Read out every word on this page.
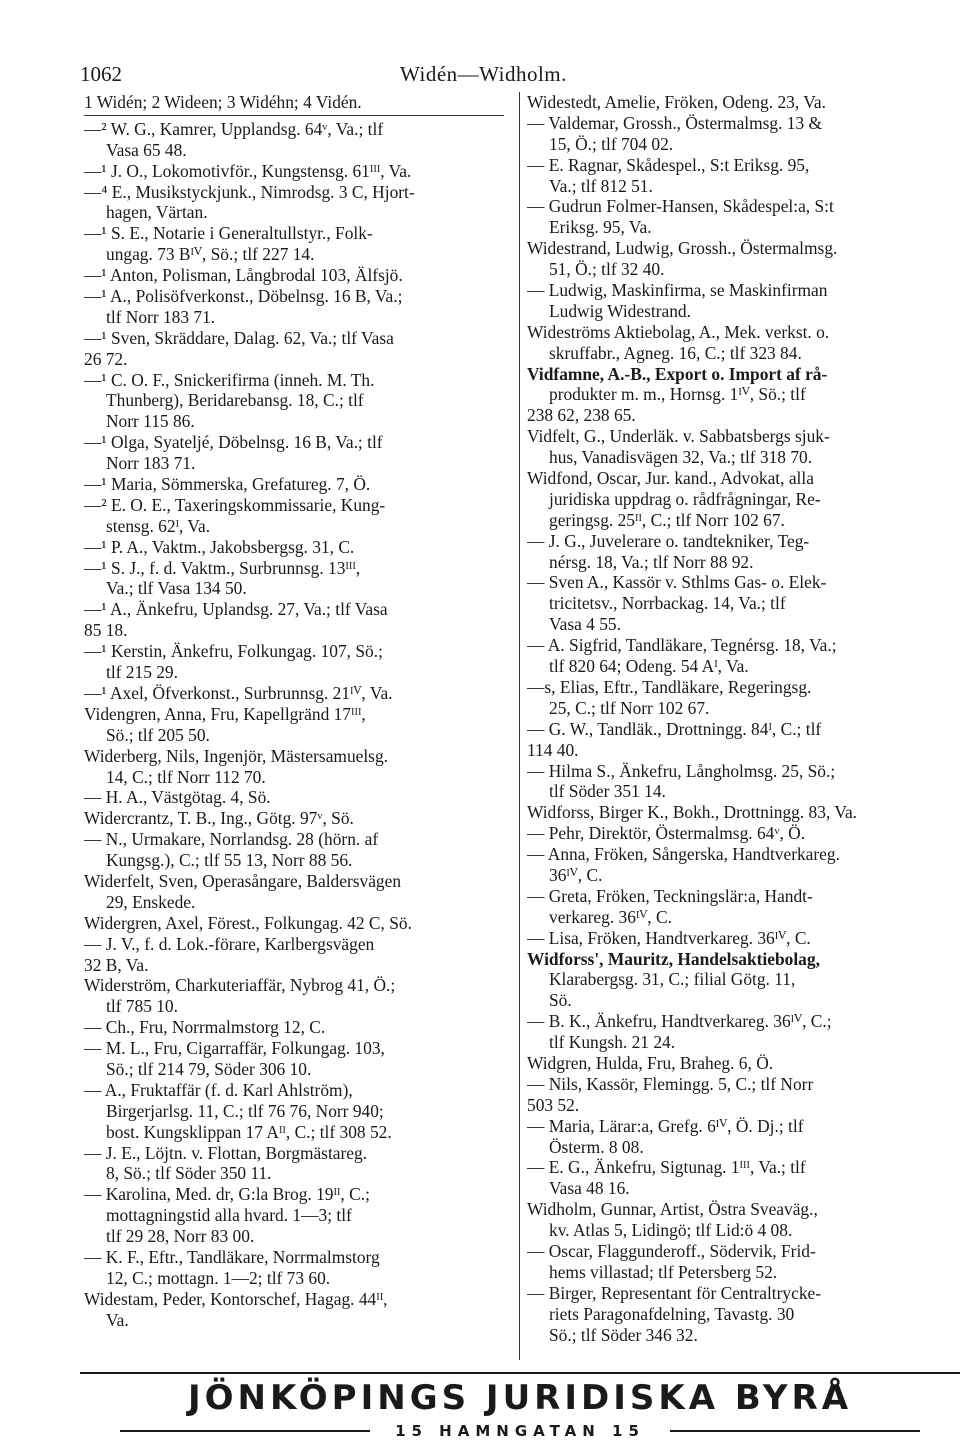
1062	Widén—Widholm.
1 Widén; 2 Wideen; 3 Widéhn; 4 Vidén.
—² W. G., Kamrer, Upplandsg. 64ᵛ, Va.; tlf
Vasa 65 48.
—¹ J. O., Lokomotivför., Kungstensg. 61ᴵᴵᴵ, Va.
—⁴ E., Musikstyckjunk., Nimrodsg. 3 C, Hjort-
hagen, Värtan.
—¹ S. E., Notarie i Generaltullstyr., Folk-
ungag. 73 Bᴵⱽ, Sö.; tlf 227 14.
—¹ Anton, Polisman, Långbrodal 103, Älfsjö.
—¹ A., Polisöfverkonst., Döbelnsg. 16 B, Va.;
tlf Norr 183 71.
—¹ Sven, Skräddare, Dalag. 62, Va.; tlf Vasa
26 72.
—¹ C. O. F., Snickerifirma (inneh. M. Th.
Thunberg), Beridarebansg. 18, C.; tlf
Norr 115 86.
—¹ Olga, Syatelјé, Döbelnsg. 16 B, Va.; tlf
Norr 183 71.
—¹ Maria, Sömmerska, Grefatureg. 7, Ö.
—² E. O. E., Taxeringskommissarie, Kung-
stensg. 62ᴵ, Va.
—¹ P. A., Vaktm., Jakobsbergsg. 31, C.
—¹ S. J., f. d. Vaktm., Surbrunnsg. 13ᴵᴵᴵ,
Va.; tlf Vasa 134 50.
—¹ A., Änkefru, Uplandsg. 27, Va.; tlf Vasa
85 18.
—¹ Kerstin, Änkefru, Folkungag. 107, Sö.;
tlf 215 29.
—¹ Axel, Öfverkonst., Surbrunnsg. 21ᴵⱽ, Va.
Videngren, Anna, Fru, Kapellgränd 17ᴵᴵᴵ,
Sö.; tlf 205 50.
Widerberg, Nils, Ingenjör, Mästersamuelsg.
14, C.; tlf Norr 112 70.
— H. A., Västgötag. 4, Sö.
Widercrantz, T. B., Ing., Götg. 97ᵛ, Sö.
— N., Urmakare, Norrlandsg. 28 (hörn. af
Kungsg.), C.; tlf 55 13, Norr 88 56.
Widerfelt, Sven, Operasångare, Baldersvägen
29, Enskede.
Widergren, Axel, Förest., Folkungag. 42 C, Sö.
— J. V., f. d. Lok.-förare, Karlbergsvägen
32 B, Va.
Widerström, Charkuteriaffär, Nybrog 41, Ö.;
tlf 785 10.
— Ch., Fru, Norrmalmstorg 12, C.
— M. L., Fru, Cigarraffär, Folkungag. 103,
Sö.; tlf 214 79, Söder 306 10.
— A., Fruktaffär (f. d. Karl Ahlström),
Birgerjarlsg. 11, C.; tlf 76 76, Norr 940;
bost. Kungsklippan 17 Aᴵᴵ, C.; tlf 308 52.
— J. E., Löjtn. v. Flottan, Borgmästareg.
8, Sö.; tlf Söder 350 11.
— Karolina, Med. dr, G:la Brog. 19ᴵᴵ, C.;
mottagningstid alla hvard. 1—3; tlf
tlf 29 28, Norr 83 00.
— K. F., Eftr., Tandläkare, Norrmalmstorg
12, C.; mottagn. 1—2; tlf 73 60.
Widestam, Peder, Kontorschef, Hagag. 44ᴵᴵ,
Va.
Widestedt, Amelie, Fröken, Odeng. 23, Va.
— Valdemar, Grossh., Östermalmsg. 13 &
15, Ö.; tlf 704 02.
— E. Ragnar, Skådespel., S:t Eriksg. 95,
Va.; tlf 812 51.
— Gudrun Folmer-Hansen, Skådespel:a, S:t
Eriksg. 95, Va.
Widestrand, Ludwig, Grossh., Östermalmsg.
51, Ö.; tlf 32 40.
— Ludwig, Maskinfirma, se Maskinfirman
Ludwig Widestrand.
Wideströms Aktiebolag, A., Mek. verkst. o.
skruffabr., Agneg. 16, C.; tlf 323 84.
Vidfamne, A.-B., Export o. Import af rå-
produkter m. m., Hornsg. 1ᴵⱽ, Sö.; tlf
238 62, 238 65.
Vidfelt, G., Underläk. v. Sabbatsbergs sjuk-
hus, Vanadisvägen 32, Va.; tlf 318 70.
Widfond, Oscar, Jur. kand., Advokat, alla
juridiska uppdrag o. rådfrågningar, Re-
geringsg. 25ᴵᴵ, C.; tlf Norr 102 67.
— J. G., Juvelerare o. tandtekniker, Teg-
nérsg. 18, Va.; tlf Norr 88 92.
— Sven A., Kassör v. Sthlms Gas- o. Elek-
tricitetsv., Norrbackag. 14, Va.; tlf
Vasa 4 55.
— A. Sigfrid, Tandläkare, Tegnérsg. 18, Va.;
tlf 820 64; Odeng. 54 Aᴵ, Va.
—s, Elias, Eftr., Tandläkare, Regeringsg.
25, C.; tlf Norr 102 67.
— G. W., Tandläk., Drottningg. 84ᴵ, C.; tlf
114 40.
— Hilma S., Änkefru, Långholmsg. 25, Sö.;
tlf Söder 351 14.
Widforss, Birger K., Bokh., Drottningg. 83, Va.
— Pehr, Direktör, Östermalmsg. 64ᵛ, Ö.
— Anna, Fröken, Sångerska, Handtverkareg.
36ᴵⱽ, C.
— Greta, Fröken, Teckningslär:a, Handt-
verkareg. 36ᴵⱽ, C.
— Lisa, Fröken, Handtverkareg. 36ᴵⱽ, C.
Widforss', Mauritz, Handelsaktiebolag,
Klarabergsg. 31, C.; filial Götg. 11,
Sö.
— B. K., Änkefru, Handtverkareg. 36ᴵⱽ, C.;
tlf Kungsh. 21 24.
Widgren, Hulda, Fru, Braheg. 6, Ö.
— Nils, Kassör, Flemingg. 5, C.; tlf Norr
503 52.
— Maria, Lärar:a, Grefg. 6ᴵⱽ, Ö. Dj.; tlf
Österm. 8 08.
— E. G., Änkefru, Sigtunag. 1ᴵᴵᴵ, Va.; tlf
Vasa 48 16.
Widholm, Gunnar, Artist, Östra Sveaväg.,
kv. Atlas 5, Lidingö; tlf Lid:ö 4 08.
— Oscar, Flaggunderoff., Södervik, Frid-
hems villastad; tlf Petersberg 52.
— Birger, Representant för Centraltrycke-
riets Paragonafdelning, Tavastg. 30
Sö.; tlf Söder 346 32.
JÖNKÖPINGS JURIDISKA BYRÅ
15 HAMNGATAN 15
